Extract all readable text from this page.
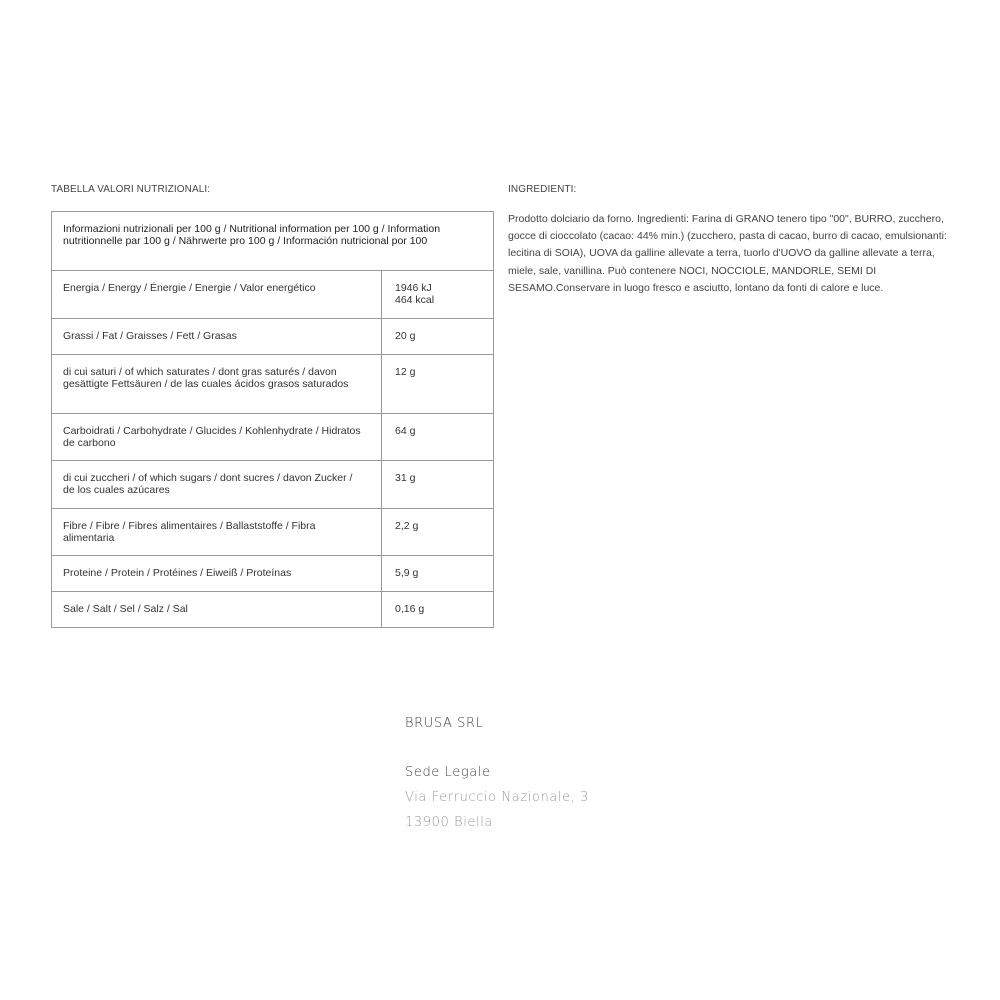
TABELLA VALORI NUTRIZIONALI:
Informazioni nutrizionali per 100 g / Nutritional information per 100 g / Information nutritionnelle par 100 g / Nährwerte pro 100 g / Información nutricional por 100	

Energia / Energy / Énergie / Energie / Valor energético	1946 kJ
464 kcal

Grassi / Fat / Graisses / Fett / Grasas	20 g

di cui saturi / of which saturates / dont gras saturés / davon gesättigte Fettsäuren / de las cuales ácidos grasos saturados	12 g

Carboidrati / Carbohydrate / Glucides / Kohlenhydrate / Hidratos de carbono	64 g

di cui zuccheri / of which sugars / dont sucres / davon Zucker / de los cuales azúcares	31 g

Fibre / Fibre / Fibres alimentaires / Ballaststoffe / Fibra alimentaria	2,2 g

Proteine / Protein / Protéines / Eiweiß / Proteínas	5,9 g

Sale / Salt / Sel / Salz / Sal	0,16 g
INGREDIENTI:

Prodotto dolciario da forno. Ingredienti: Farina di GRANO tenero tipo "00", BURRO, zucchero, gocce di cioccolato (cacao: 44% min.) (zucchero, pasta di cacao, burro di cacao, emulsionanti: lecitina di SOIA), UOVA da galline allevate a terra, tuorlo d'UOVO da galline allevate a terra, miele, sale, vanillina. Può contenere NOCI, NOCCIOLE, MANDORLE, SEMI DI SESAMO.Conservare in luogo fresco e asciutto, lontano da fonti di calore e luce.

BRUSA SRL

Sede Legale

Via Ferruccio Nazionale, 3

13900 Biella
